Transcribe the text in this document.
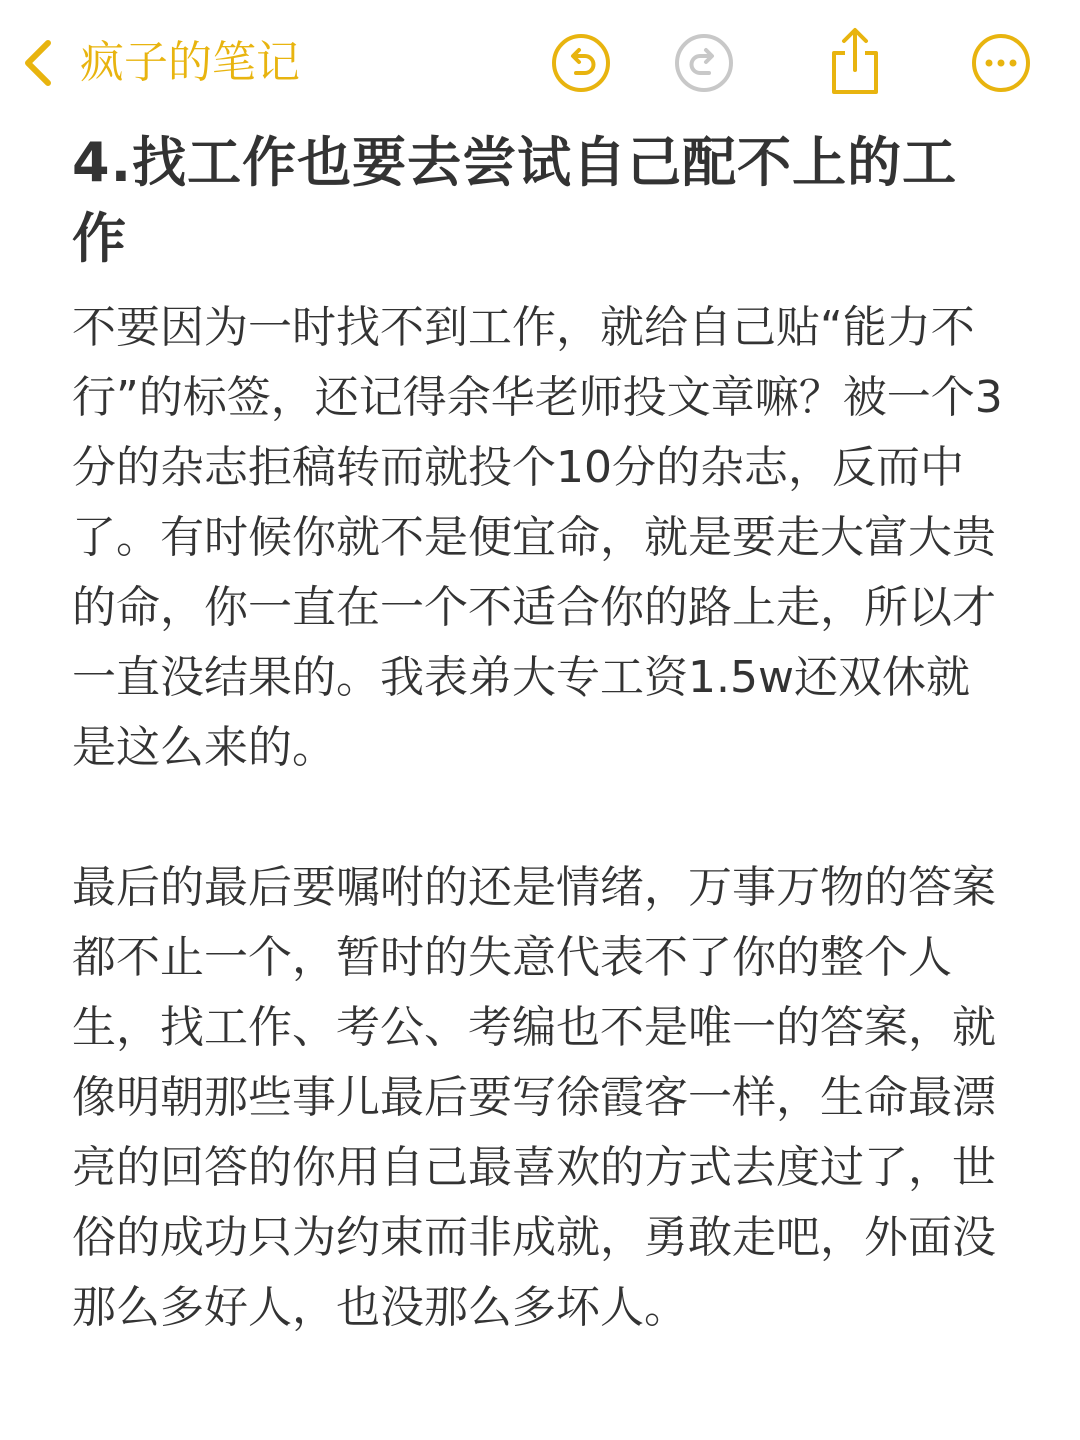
疯子的笔记
4.找工作也要去尝试自己配不上的工作

不要因为一时找不到工作，就给自己贴“能力不行”的标签，还记得余华老师投文章嘛？被一个3分的杂志拒稿转而就投个10分的杂志，反而中了。有时候你就不是便宜命，就是要走大富大贵的命，你一直在一个不适合你的路上走，所以才一直没结果的。我表弟大专工资1.5w还双休就是这么来的。

最后的最后要嘱咐的还是情绪，万事万物的答案都不止一个，暂时的失意代表不了你的整个人生，找工作、考公、考编也不是唯一的答案，就像明朝那些事儿最后要写徐霞客一样，生命最漂亮的回答的你用自己最喜欢的方式去度过了，世俗的成功只为约束而非成就，勇敢走吧，外面没那么多好人，也没那么多坏人。
